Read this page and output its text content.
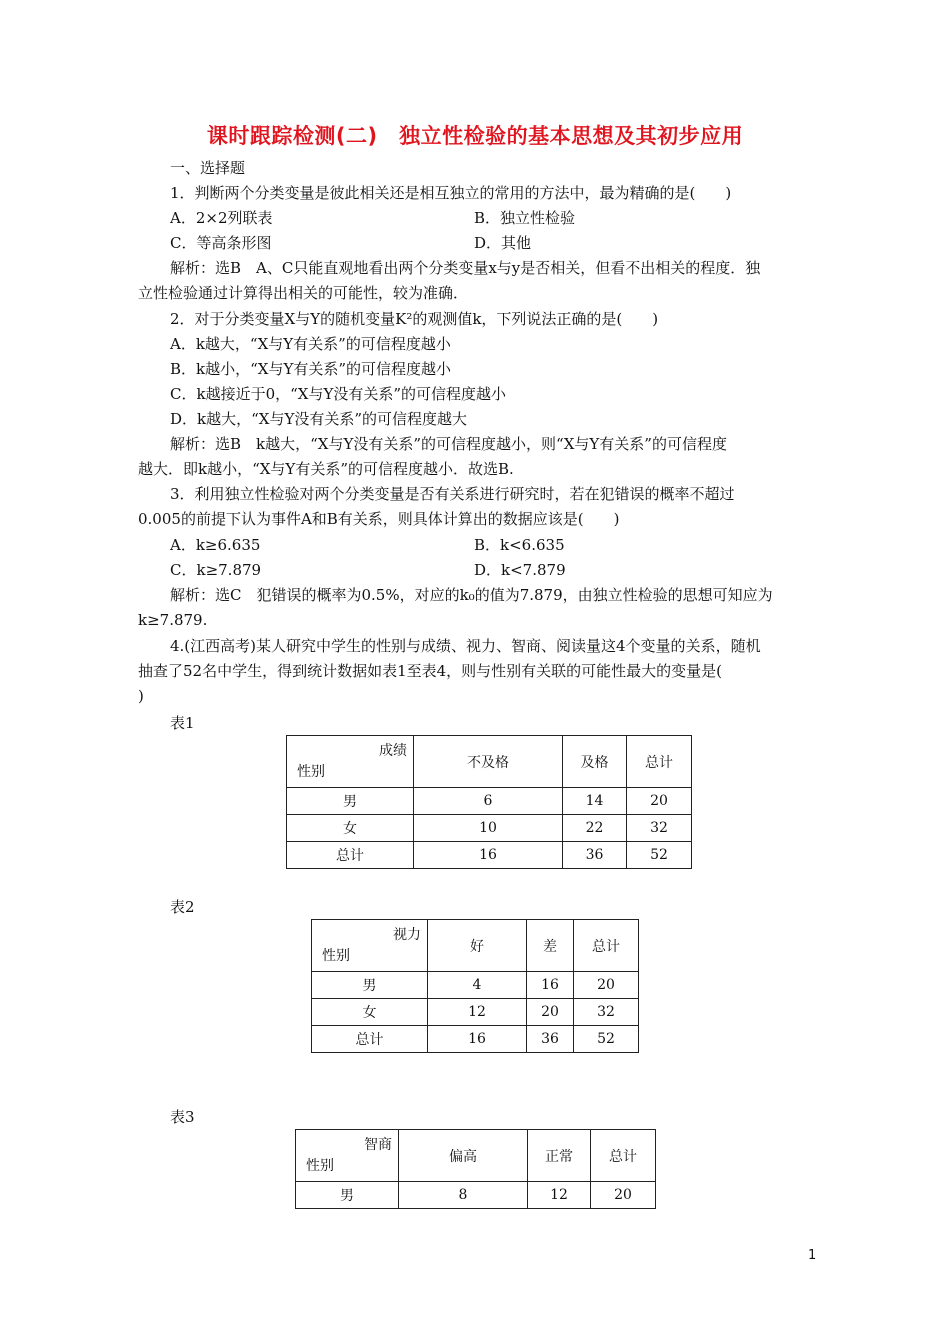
课时跟踪检测(二)　独立性检验的基本思想及其初步应用
一、选择题
1．判断两个分类变量是彼此相关还是相互独立的常用的方法中，最为精确的是(　　)
A．2×2列联表	B．独立性检验
C．等高条形图	D．其他
解析：选B　A、C只能直观地看出两个分类变量x与y是否相关，但看不出相关的程度．独
立性检验通过计算得出相关的可能性，较为准确．
2．对于分类变量X与Y的随机变量K²的观测值k，下列说法正确的是(　　)
A．k越大，“X与Y有关系”的可信程度越小
B．k越小，“X与Y有关系”的可信程度越小
C．k越接近于0，“X与Y没有关系”的可信程度越小
D．k越大，“X与Y没有关系”的可信程度越大
解析：选B　k越大，“X与Y没有关系”的可信程度越小，则“X与Y有关系”的可信程度
越大．即k越小，“X与Y有关系”的可信程度越小．故选B.
3．利用独立性检验对两个分类变量是否有关系进行研究时，若在犯错误的概率不超过
0.005的前提下认为事件A和B有关系，则具体计算出的数据应该是(　　)
A．k≥6.635	B．k<6.635
C．k≥7.879	D．k<7.879
解析：选C　犯错误的概率为0.5%，对应的k₀的值为7.879，由独立性检验的思想可知应为
k≥7.879.
4.(江西高考)某人研究中学生的性别与成绩、视力、智商、阅读量这4个变量的关系，随机
抽查了52名中学生，得到统计数据如表1至表4，则与性别有关联的可能性最大的变量是(
)
表1
成绩
性别	不及格	及格	总计
男	6	14	20
女	10	22	32
总计	16	36	52
表2
视力
性别	好	差	总计
男	4	16	20
女	12	20	32
总计	16	36	52
表3
智商
性别	偏高	正常	总计
男	8	12	20
1
